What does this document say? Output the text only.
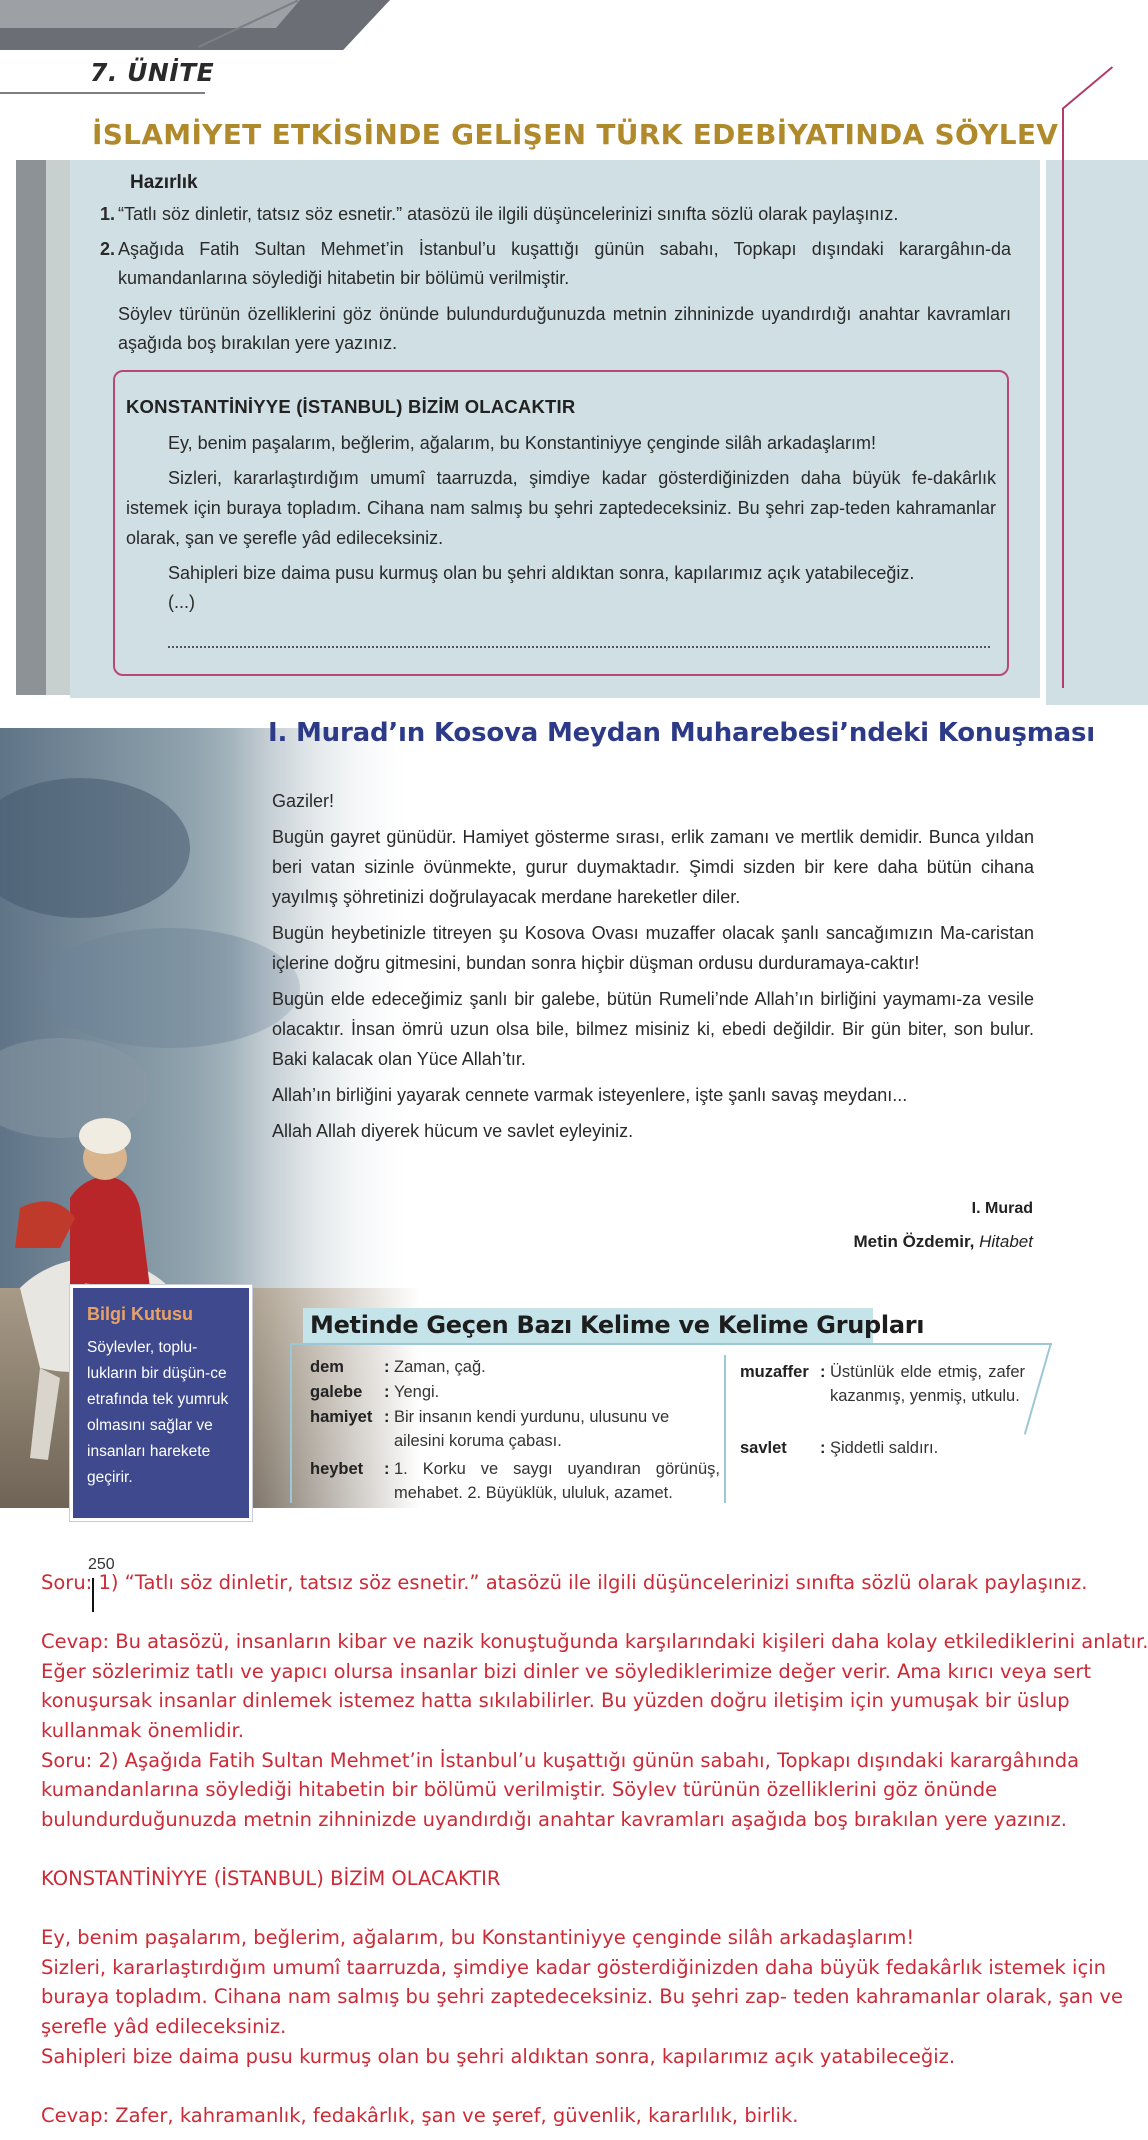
7. ÜNİTE
İSLAMİYET ETKİSİNDE GELİŞEN TÜRK EDEBİYATINDA SÖYLEV
Hazırlık
1. “Tatlı söz dinletir, tatsız söz esnetir.” atasözü ile ilgili düşüncelerinizi sınıfta sözlü olarak paylaşınız.
2. Aşağıda Fatih Sultan Mehmet’in İstanbul’u kuşattığı günün sabahı, Topkapı dışındaki karargâhın-da kumandanlarına söylediği hitabetin bir bölümü verilmiştir.
Söylev türünün özelliklerini göz önünde bulundurduğunuzda metnin zihninizde uyandırdığı anahtar kavramları aşağıda boş bırakılan yere yazınız.
KONSTANTİNİYYE (İSTANBUL) BİZİM OLACAKTIR

Ey, benim paşalarım, beğlerim, ağalarım, bu Konstantiniyye çenginde silâh arkadaşlarım!

Sizleri, kararlaştırdığım umumî taarruzda, şimdiye kadar gösterdiğinizden daha büyük fe-dakârlık istemek için buraya topladım. Cihana nam salmış bu şehri zaptedeceksiniz. Bu şehri zap-teden kahramanlar olarak, şan ve şerefle yâd edileceksiniz.

Sahipleri bize daima pusu kurmuş olan bu şehri aldıktan sonra, kapılarımız açık yatabileceğiz.

(...)
I. Murad’ın Kosova Meydan Muharebesi’ndeki Konuşması

Gaziler!

Bugün gayret günüdür. Hamiyet gösterme sırası, erlik zamanı ve mertlik demidir. Bunca yıldan beri vatan sizinle övünmekte, gurur duymaktadır. Şimdi sizden bir kere daha bütün cihana yayılmış şöhretinizi doğrulayacak merdane hareketler diler.

Bugün heybetinizle titreyen şu Kosova Ovası muzaffer olacak şanlı sancağımızın Ma-caristan içlerine doğru gitmesini, bundan sonra hiçbir düşman ordusu durduramaya-caktır!

Bugün elde edeceğimiz şanlı bir galebe, bütün Rumeli’nde Allah’ın birliğini yaymamı-za vesile olacaktır. İnsan ömrü uzun olsa bile, bilmez misiniz ki, ebedi değildir. Bir gün biter, son bulur. Baki kalacak olan Yüce Allah’tır.

Allah’ın birliğini yayarak cennete varmak isteyenlere, işte şanlı savaş meydanı...

Allah Allah diyerek hücum ve savlet eyleyiniz.

I. Murad
Metin Özdemir, Hitabet
Bilgi Kutusu
Söylevler, toplu-lukların bir düşün-ce etrafında tek yumruk olmasını sağlar ve insanları harekete geçirir.
Metinde Geçen Bazı Kelime ve Kelime Grupları
dem : Zaman, çağ.
galebe : Yengi.
hamiyet : Bir insanın kendi yurdunu, ulusunu ve ailesini koruma çabası.
heybet : 1. Korku ve saygı uyandıran görünüş, mehabet. 2. Büyüklük, ululuk, azamet.
muzaffer : Üstünlük elde etmiş, zafer kazanmış, yenmiş, utkulu.
savlet : Şiddetli saldırı.
250
Soru: 1) “Tatlı söz dinletir, tatsız söz esnetir.” atasözü ile ilgili düşüncelerinizi sınıfta sözlü olarak paylaşınız.
Cevap: Bu atasözü, insanların kibar ve nazik konuştuğunda karşılarındaki kişileri daha kolay etkilediklerini anlatır.
Eğer sözlerimiz tatlı ve yapıcı olursa insanlar bizi dinler ve söylediklerimize değer verir. Ama kırıcı veya sert
konuşursak insanlar dinlemek istemez hatta sıkılabilirler. Bu yüzden doğru iletişim için yumuşak bir üslup
kullanmak önemlidir.
Soru: 2) Aşağıda Fatih Sultan Mehmet’in İstanbul’u kuşattığı günün sabahı, Topkapı dışındaki karargâhında
kumandanlarına söylediği hitabetin bir bölümü verilmiştir. Söylev türünün özelliklerini göz önünde
bulundurduğunuzda metnin zihninizde uyandırdığı anahtar kavramları aşağıda boş bırakılan yere yazınız.
KONSTANTİNİYYE (İSTANBUL) BİZİM OLACAKTIR
Ey, benim paşalarım, beğlerim, ağalarım, bu Konstantiniyye çenginde silâh arkadaşlarım!
Sizleri, kararlaştırdığım umumî taarruzda, şimdiye kadar gösterdiğinizden daha büyük fedakârlık istemek için
buraya topladım. Cihana nam salmış bu şehri zaptedeceksiniz. Bu şehri zap- teden kahramanlar olarak, şan ve
şerefle yâd edileceksiniz.
Sahipleri bize daima pusu kurmuş olan bu şehri aldıktan sonra, kapılarımız açık yatabileceğiz.
Cevap: Zafer, kahramanlık, fedakârlık, şan ve şeref, güvenlik, kararlılık, birlik.
